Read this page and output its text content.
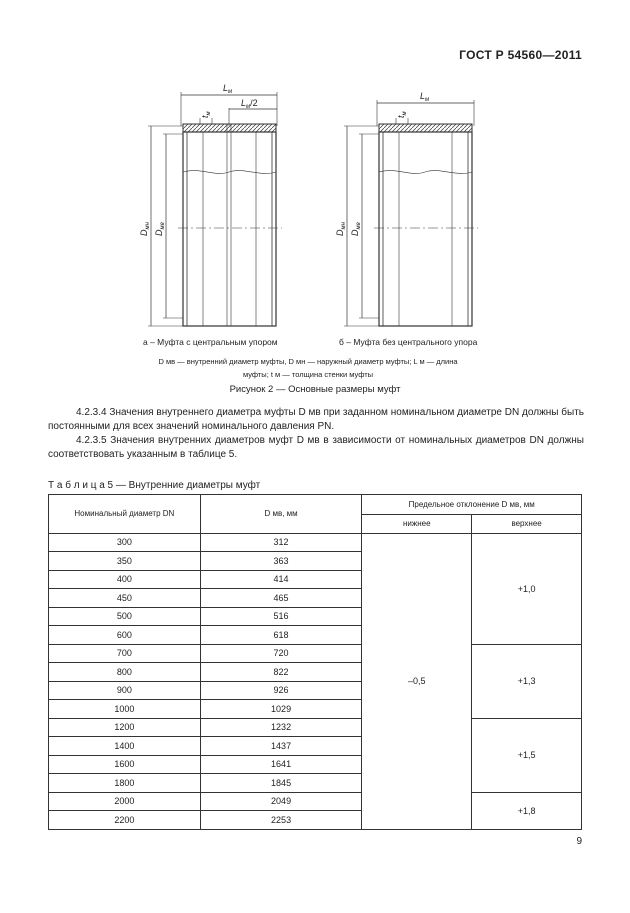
ГОСТ Р 54560—2011
$L_м$
$L_м/2$
$t_м$
$D_{мн}$
$D_{мв}$
$L_м$
$t_м$
$D_{мн}$
$D_{мв}$
а – Муфта с центральным упором	б – Муфта без центрального упора
D мв — внутренний диаметр муфты, D мн — наружный диаметр муфты; L м — длина
муфты; t м — толщина стенки муфты
Рисунок 2 — Основные размеры муфт
4.2.3.4 Значения внутреннего диаметра муфты D мв при заданном номинальном диаметре DN должны быть постоянными для всех значений номинального давления PN.
4.2.3.5 Значения внутренних диаметров муфт D мв в зависимости от номинальных диаметров DN должны соответствовать указанным в таблице 5.
Т а б л и ц а 5 — Внутренние диаметры муфт
Номинальный диаметр DN	D мв, мм	Предельное отклонение D мв, мм	
		нижнее	верхнее
300	312	–0,5	+1,0
350	363		
400	414		
450	465		
500	516		
600	618		
700	720		+1,3
800	822		
900	926		
1000	1029		
1200	1232		+1,5
1400	1437		
1600	1641		
1800	1845		
2000	2049		+1,8
2200	2253		
9
